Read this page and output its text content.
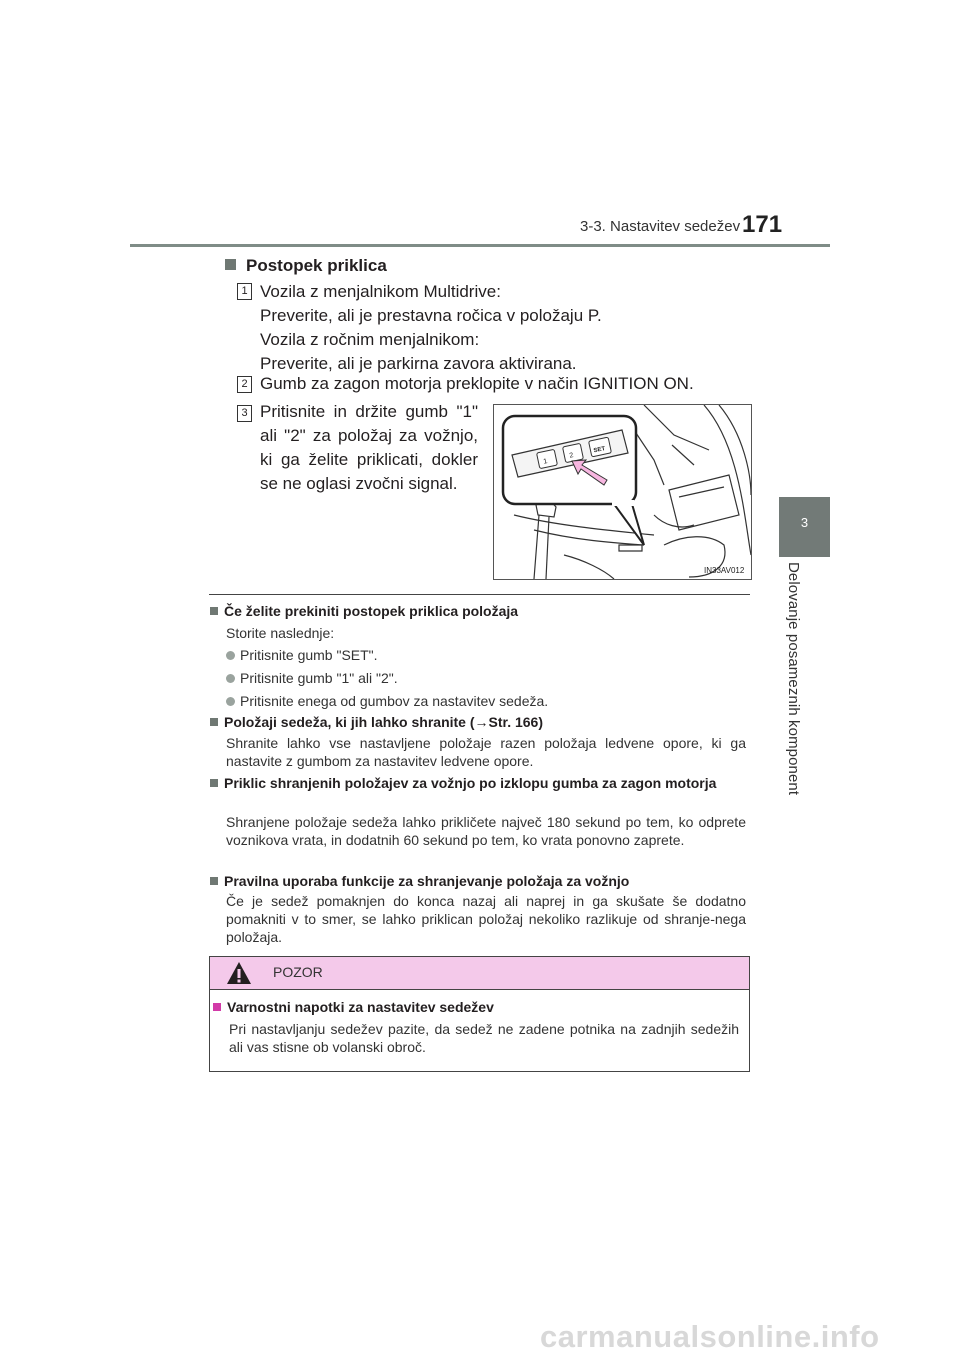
3-3. Nastavitev sedežev 171
3
Delovanje posameznih komponent
Postopek priklica
1 Vozila z menjalnikom Multidrive:
Preverite, ali je prestavna ročica v položaju P.
Vozila z ročnim menjalnikom:
Preverite, ali je parkirna zavora aktivirana.
2 Gumb za zagon motorja preklopite v način IGNITION ON.
3 Pritisnite in držite gumb "1" ali "2" za položaj za vožnjo, ki ga želite priklicati, dokler se ne oglasi zvočni signal.
1
2
SET
IN33AV012
Če želite prekiniti postopek priklica položaja
Storite naslednje:
Pritisnite gumb "SET".
Pritisnite gumb "1" ali "2".
Pritisnite enega od gumbov za nastavitev sedeža.
Položaji sedeža, ki jih lahko shranite (→Str. 166)
Shranite lahko vse nastavljene položaje razen položaja ledvene opore, ki ga nastavite z gumbom za nastavitev ledvene opore.
Priklic shranjenih položajev za vožnjo po izklopu gumba za zagon motorja
Shranjene položaje sedeža lahko prikličete največ 180 sekund po tem, ko odprete voznikova vrata, in dodatnih 60 sekund po tem, ko vrata ponovno zaprete.
Pravilna uporaba funkcije za shranjevanje položaja za vožnjo
Če je sedež pomaknjen do konca nazaj ali naprej in ga skušate še dodatno pomakniti v to smer, se lahko priklican položaj nekoliko razlikuje od shranje-nega položaja.
POZOR
Varnostni napotki za nastavitev sedežev
Pri nastavljanju sedežev pazite, da sedež ne zadene potnika na zadnjih sedežih ali vas stisne ob volanski obroč.
carmanualsonline.info
